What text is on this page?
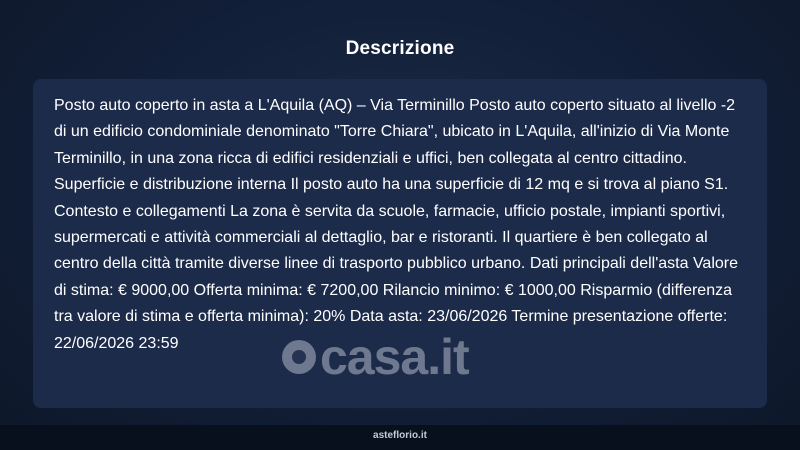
Descrizione

Posto auto coperto in asta a L'Aquila (AQ) – Via Terminillo Posto auto coperto situato al livello -2 di un edificio condominiale denominato "Torre Chiara", ubicato in L'Aquila, all'inizio di Via Monte Terminillo, in una zona ricca di edifici residenziali e uffici, ben collegata al centro cittadino. Superficie e distribuzione interna Il posto auto ha una superficie di 12 mq e si trova al piano S1. Contesto e collegamenti La zona è servita da scuole, farmacie, ufficio postale, impianti sportivi, supermercati e attività commerciali al dettaglio, bar e ristoranti. Il quartiere è ben collegato al centro della città tramite diverse linee di trasporto pubblico urbano. Dati principali dell'asta Valore di stima: € 9000,00 Offerta minima: € 7200,00 Rilancio minimo: € 1000,00 Risparmio (differenza tra valore di stima e offerta minima): 20% Data asta: 23/06/2026 Termine presentazione offerte: 22/06/2026 23:59	casa.it
asteflorio.it
